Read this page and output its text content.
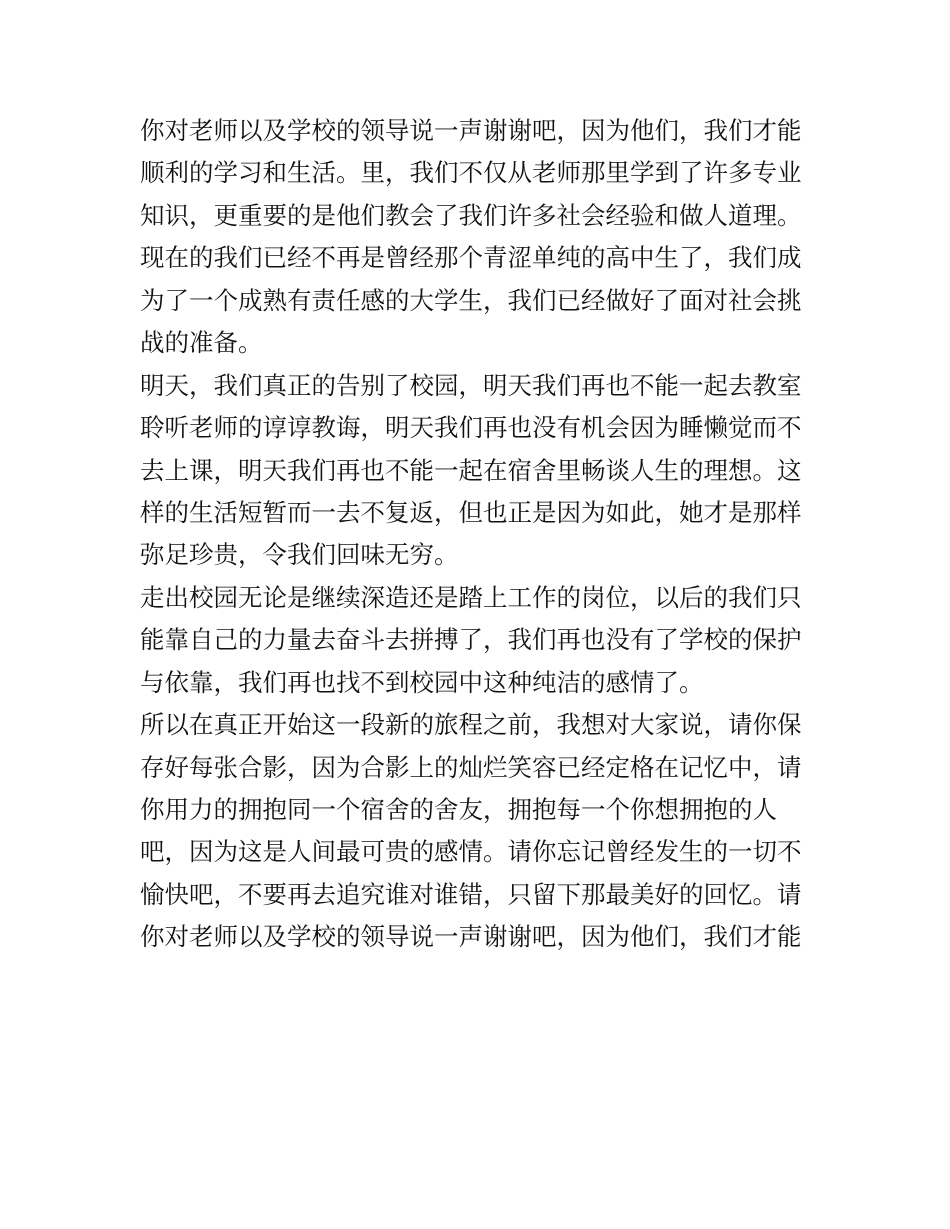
你对老师以及学校的领导说一声谢谢吧，因为他们，我们才能
顺利的学习和生活。里，我们不仅从老师那里学到了许多专业
知识，更重要的是他们教会了我们许多社会经验和做人道理。
现在的我们已经不再是曾经那个青涩单纯的高中生了，我们成
为了一个成熟有责任感的大学生，我们已经做好了面对社会挑
战的准备。
明天，我们真正的告别了校园，明天我们再也不能一起去教室
聆听老师的谆谆教诲，明天我们再也没有机会因为睡懒觉而不
去上课，明天我们再也不能一起在宿舍里畅谈人生的理想。这
样的生活短暂而一去不复返，但也正是因为如此，她才是那样
弥足珍贵，令我们回味无穷。
走出校园无论是继续深造还是踏上工作的岗位，以后的我们只
能靠自己的力量去奋斗去拼搏了，我们再也没有了学校的保护
与依靠，我们再也找不到校园中这种纯洁的感情了。
所以在真正开始这一段新的旅程之前，我想对大家说，请你保
存好每张合影，因为合影上的灿烂笑容已经定格在记忆中，请
你用力的拥抱同一个宿舍的舍友，拥抱每一个你想拥抱的人
吧，因为这是人间最可贵的感情。请你忘记曾经发生的一切不
愉快吧，不要再去追究谁对谁错，只留下那最美好的回忆。请
你对老师以及学校的领导说一声谢谢吧，因为他们，我们才能
